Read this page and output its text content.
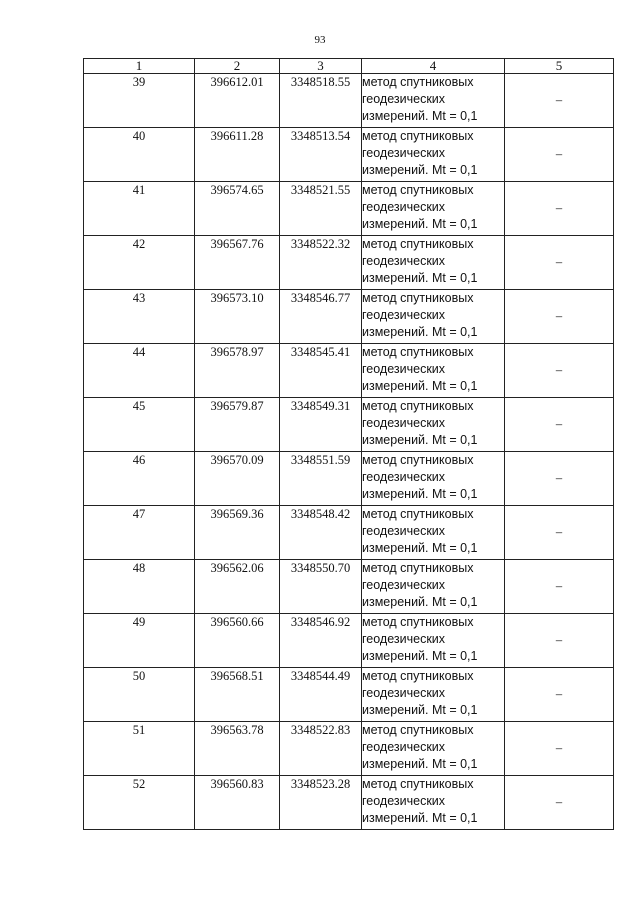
93
1	2	3	4	5
39	396612.01	3348518.55	метод спутниковых
геодезических
измерений. Mt = 0,1	–
40	396611.28	3348513.54	метод спутниковых
геодезических
измерений. Mt = 0,1	–
41	396574.65	3348521.55	метод спутниковых
геодезических
измерений. Mt = 0,1	–
42	396567.76	3348522.32	метод спутниковых
геодезических
измерений. Mt = 0,1	–
43	396573.10	3348546.77	метод спутниковых
геодезических
измерений. Mt = 0,1	–
44	396578.97	3348545.41	метод спутниковых
геодезических
измерений. Mt = 0,1	–
45	396579.87	3348549.31	метод спутниковых
геодезических
измерений. Mt = 0,1	–
46	396570.09	3348551.59	метод спутниковых
геодезических
измерений. Mt = 0,1	–
47	396569.36	3348548.42	метод спутниковых
геодезических
измерений. Mt = 0,1	–
48	396562.06	3348550.70	метод спутниковых
геодезических
измерений. Mt = 0,1	–
49	396560.66	3348546.92	метод спутниковых
геодезических
измерений. Mt = 0,1	–
50	396568.51	3348544.49	метод спутниковых
геодезических
измерений. Mt = 0,1	–
51	396563.78	3348522.83	метод спутниковых
геодезических
измерений. Mt = 0,1	–
52	396560.83	3348523.28	метод спутниковых
геодезических
измерений. Mt = 0,1	–
